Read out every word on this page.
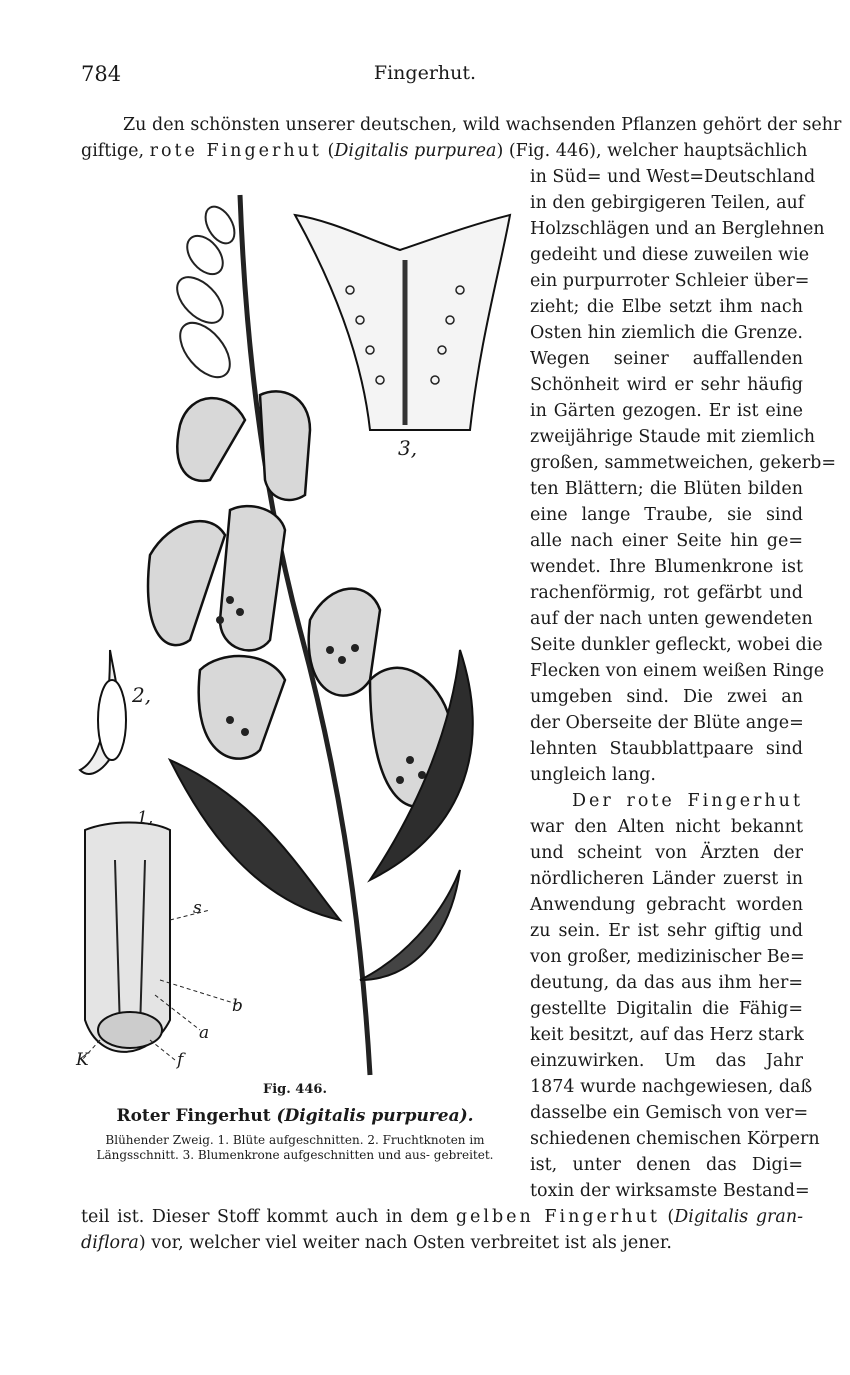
784	Fingerhut.
Zu den schönsten unserer deutschen, wild wachsenden Pflanzen gehört der sehr
giftige, rote Fingerhut (Digitalis purpurea) (Fig. 446), welcher hauptsächlich
in Süd= und West=Deutschland
in den gebirgigeren Teilen, auf
Holzschlägen und an Berglehnen
gedeiht und diese zuweilen wie
ein purpurroter Schleier über=
zieht; die Elbe setzt ihm nach
Osten hin ziemlich die Grenze.
Wegen seiner auffallenden
Schönheit wird er sehr häufig
in Gärten gezogen. Er ist eine
zweijährige Staude mit ziemlich
großen, sammetweichen, gekerb=
ten Blättern; die Blüten bilden
eine lange Traube, sie sind
alle nach einer Seite hin ge=
wendet. Ihre Blumenkrone ist
rachenförmig, rot gefärbt und
auf der nach unten gewendeten
Seite dunkler gefleckt, wobei die
Flecken von einem weißen Ringe
umgeben sind. Die zwei an
der Oberseite der Blüte ange=
lehnten Staubblattpaare sind
ungleich lang.
Der rote Fingerhut
war den Alten nicht bekannt
und scheint von Ärzten der
nördlicheren Länder zuerst in
Anwendung gebracht worden
zu sein. Er ist sehr giftig und
von großer, medizinischer Be=
deutung, da das aus ihm her=
gestellte Digitalin die Fähig=
keit besitzt, auf das Herz stark
einzuwirken. Um das Jahr
1874 wurde nachgewiesen, daß
dasselbe ein Gemisch von ver=
schiedenen chemischen Körpern
ist, unter denen das Digi=
toxin der wirksamste Bestand=
teil ist. Dieser Stoff kommt auch in dem gelben Fingerhut (Digitalis gran-
diflora) vor, welcher viel weiter nach Osten verbreitet ist als jener.
3,
2,
1,
s
b
a
K	f
Fig. 446.
Roter Fingerhut (Digitalis purpurea).
Blühender Zweig. 1. Blüte aufgeschnitten. 2. Fruchtknoten im Längsschnitt. 3. Blumenkrone aufgeschnitten und aus- gebreitet.
